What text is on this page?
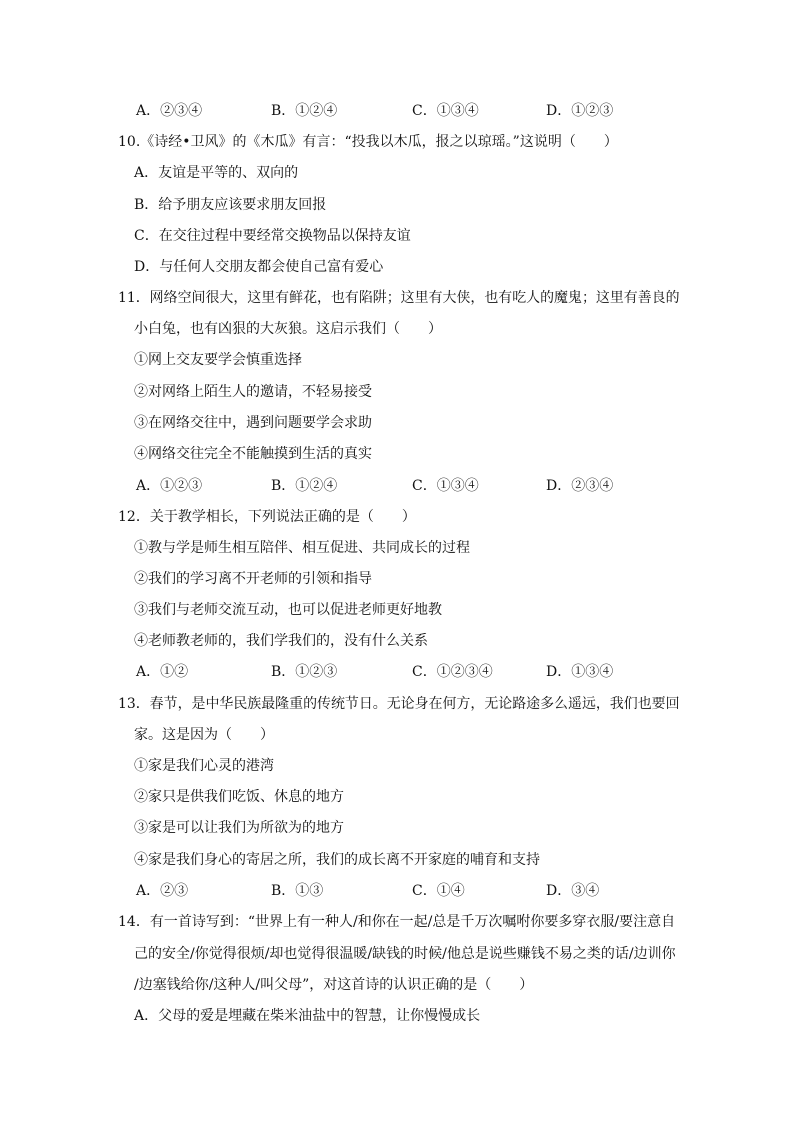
A．②③④	B．①②④	C．①③④	D．①②③
10.《诗经•卫风》的《木瓜》有言：“投我以木瓜，报之以琼瑶。”这说明（　　）
A．友谊是平等的、双向的
B．给予朋友应该要求朋友回报
C．在交往过程中要经常交换物品以保持友谊
D．与任何人交朋友都会使自己富有爱心
11．网络空间很大，这里有鲜花，也有陷阱；这里有大侠，也有吃人的魔鬼；这里有善良的
小白兔，也有凶狠的大灰狼。这启示我们（　　）
①网上交友要学会慎重选择
②对网络上陌生人的邀请，不轻易接受
③在网络交往中，遇到问题要学会求助
④网络交往完全不能触摸到生活的真实
A．①②③	B．①②④	C．①③④	D．②③④
12．关于教学相长，下列说法正确的是（　　）
①教与学是师生相互陪伴、相互促进、共同成长的过程
②我们的学习离不开老师的引领和指导
③我们与老师交流互动，也可以促进老师更好地教
④老师教老师的，我们学我们的，没有什么关系
A．①②	B．①②③	C．①②③④	D．①③④
13．春节，是中华民族最隆重的传统节日。无论身在何方，无论路途多么遥远，我们也要回
家。这是因为（　　）
①家是我们心灵的港湾
②家只是供我们吃饭、休息的地方
③家是可以让我们为所欲为的地方
④家是我们身心的寄居之所，我们的成长离不开家庭的哺育和支持
A．②③	B．①③	C．①④	D．③④
14．有一首诗写到：“世界上有一种人/和你在一起/总是千万次嘱咐你要多穿衣服/要注意自
己的安全/你觉得很烦/却也觉得很温暖/缺钱的时候/他总是说些赚钱不易之类的话/边训你
/边塞钱给你/这种人/叫父母”，对这首诗的认识正确的是（　　）
A．父母的爱是埋藏在柴米油盐中的智慧，让你慢慢成长
